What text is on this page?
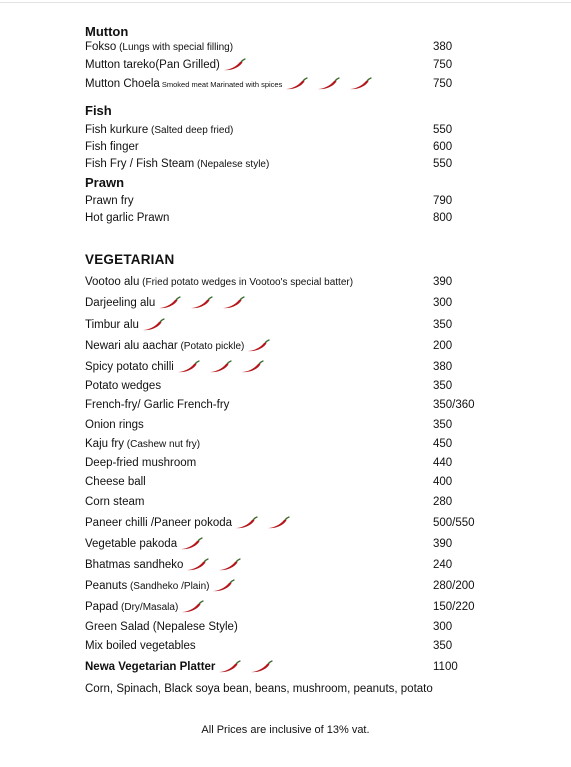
Mutton
Fokso (Lungs with special filling)	380
Mutton tareko(Pan Grilled)	750
Mutton Choela Smoked meat Marinated with spices	750
Fish
Fish kurkure (Salted deep fried)	550
Fish finger	600
Fish Fry / Fish Steam (Nepalese style)	550
Prawn
Prawn fry	790
Hot garlic Prawn	800
VEGETARIAN
Vootoo alu (Fried potato wedges in Vootoo's special batter)	390
Darjeeling alu	300
Timbur alu	350
Newari alu aachar (Potato pickle)	200
Spicy potato chilli	380
Potato wedges	350
French-fry/ Garlic French-fry	350/360
Onion rings	350
Kaju fry (Cashew nut fry)	450
Deep-fried mushroom	440
Cheese ball	400
Corn steam	280
Paneer chilli /Paneer pokoda	500/550
Vegetable pakoda	390
Bhatmas sandheko	240
Peanuts (Sandheko /Plain)	280/200
Papad (Dry/Masala)	150/220
Green Salad (Nepalese Style)	300
Mix boiled vegetables	350
Newa Vegetarian Platter	1100
Corn, Spinach, Black soya bean, beans, mushroom, peanuts, potato
All Prices are inclusive of 13% vat.
